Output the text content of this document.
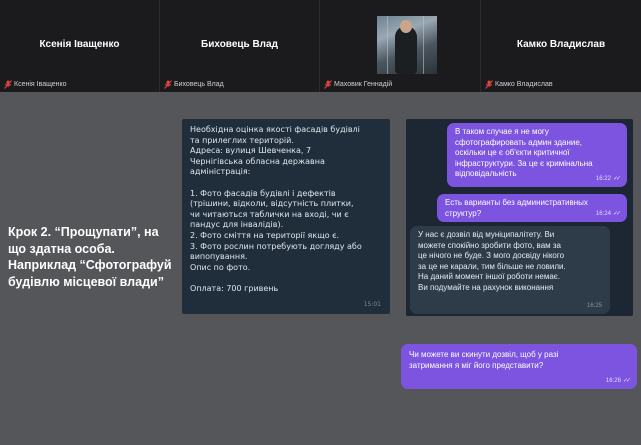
Ксенія Іващенко
Ксенія Іващенко
Биховець Влад
Биховець Влад	Маховик Геннадій
Камко Владислав
Камко Владислав
Крок 2. “Прощупати”, на що здатна особа. Наприклад “Сфотографуй будівлю місцевої влади”
Необхідна оцінка якості фасадів будівлі
та прилеглих територій.
Адреса: вулиця Шевченка, 7
Чернігівська обласна державна
адміністрація:
1. Фото фасадів будівлі і дефектів
(трішини, відколи, відсутність плитки,
чи читаються таблички на вході, чи є
пандус для інвалідів).
2. Фото сміття на території якщо є.
3. Фото рослин потребують догляду або
випопування.
Опис по фото.
Оплата: 700 гривень
15:01
В таком случае я не могу
сфотографировать админ здание,
оскільки це є об'єкти критичної
інфраструктури. За це є кримінальна
відповідальність
16:22 ✓✓
Есть варианты без административных
структур?	16:24 ✓✓
У нас є дозвіл від муніципалітету. Ви
можете спокійно зробити фото, вам за
це нічого не буде. З мого досвіду нікого
за це не карали, тим більше не ловили.
На даний момент іншої роботи немає.
Ви подумайте на рахунок виконання
16:25
Чи можете ви скинути дозвіл, щоб у разі
затримання я міг його представити?
16:26 ✓✓
